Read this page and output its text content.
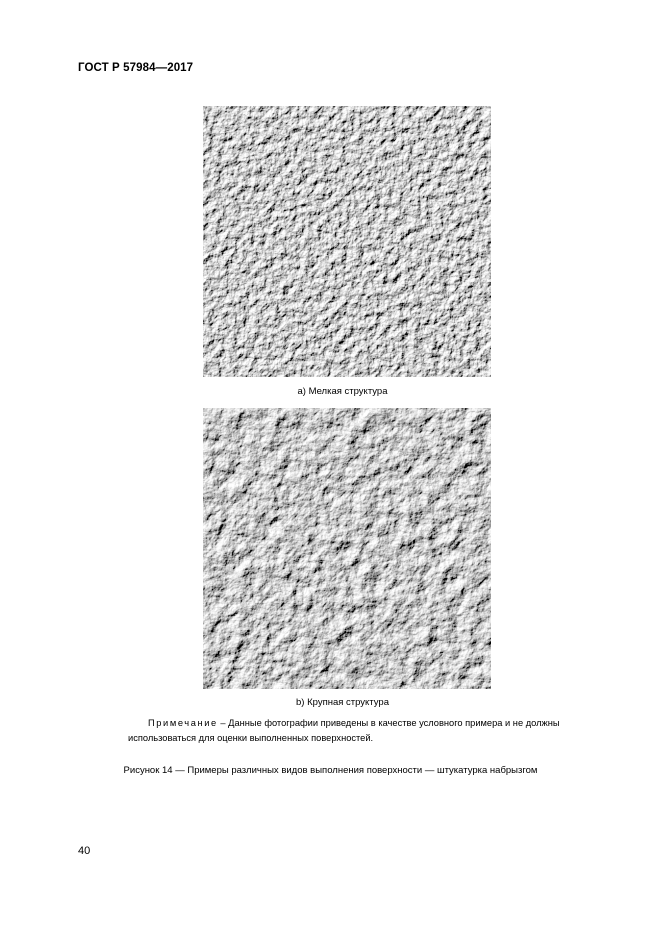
ГОСТ Р 57984—2017
а) Мелкая структура
b) Крупная структура
Примечание – Данные фотографии приведены в качестве условного примера и не должны использоваться для оценки выполненных поверхностей.
Рисунок 14 — Примеры различных видов выполнения поверхности — штукатурка набрызгом
40
